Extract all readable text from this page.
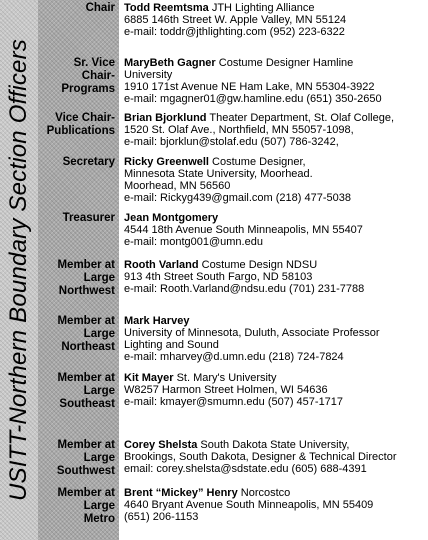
USITT-Northern Boundary Section Officers
Chair Todd Reemtsma JTH Lighting Alliance
6885 146th Street W. Apple Valley, MN 55124
e-mail: toddr@jthlighting.com (952) 223-6322
Sr. Vice
Chair-
Programs
MaryBeth Gagner Costume Designer Hamline
University
1910 171st Avenue NE Ham Lake, MN 55304-3922
e-mail: mgagner01@gw.hamline.edu (651) 350-2650
Vice Chair-
Publications
Brian Bjorklund Theater Department, St. Olaf College,
1520 St. Olaf Ave., Northfield, MN 55057-1098,
e-mail: bjorklun@stolaf.edu (507) 786-3242,
Secretary Ricky Greenwell Costume Designer,
Minnesota State University, Moorhead.
Moorhead, MN 56560
e-mail: Rickyg439@gmail.com (218) 477-5038
Treasurer Jean Montgomery
4544 18th Avenue South Minneapolis, MN 55407
e-mail: montg001@umn.edu
Member at
Large
Northwest
Rooth Varland Costume Design NDSU
913 4th Street South Fargo, ND 58103
e-mail: Rooth.Varland@ndsu.edu (701) 231-7788
Member at
Large
Northeast
Mark Harvey
University of Minnesota, Duluth, Associate Professor
Lighting and Sound
e-mail: mharvey@d.umn.edu (218) 724-7824
Member at
Large
Southeast
Kit Mayer St. Mary's University
W8257 Harmon Street Holmen, WI 54636
e-mail: kmayer@smumn.edu (507) 457-1717
Member at
Large
Southwest
Corey Shelsta South Dakota State University,
Brookings, South Dakota, Designer & Technical Director
email: corey.shelsta@sdstate.edu (605) 688-4391
Member at
Large
Metro
Brent “Mickey” Henry Norcostco
4640 Bryant Avenue South Minneapolis, MN 55409
(651) 206-1153
